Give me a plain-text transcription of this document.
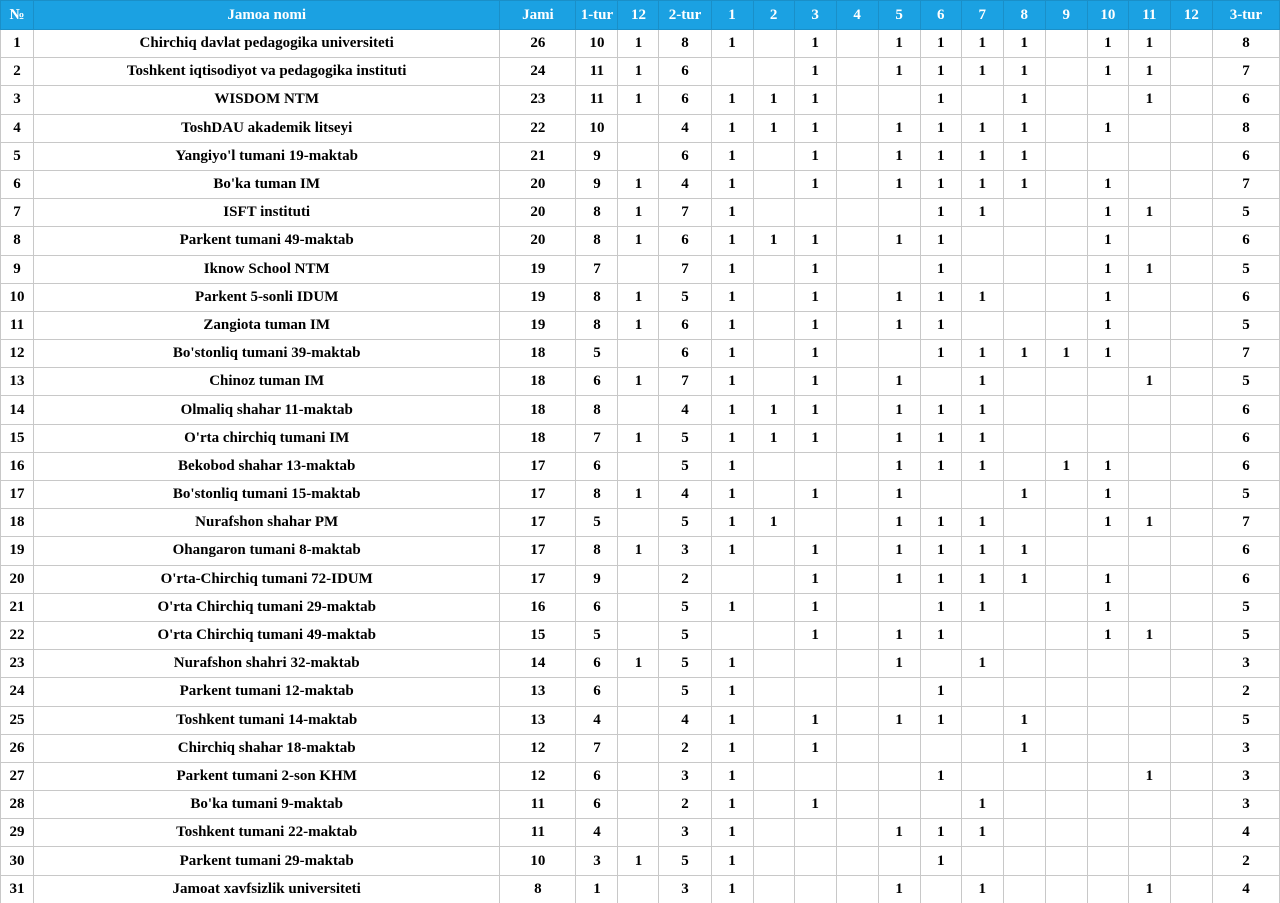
№	Jamoa nomi	Jami	1-tur	12	2-tur	1	2	3	4	5	6	7	8	9	10	11	12	3-tur
1	Chirchiq davlat pedagogika universiteti	26	10	1	8	1		1		1	1	1	1		1	1		8
2	Toshkent iqtisodiyot va pedagogika instituti	24	11	1	6			1		1	1	1	1		1	1		7
3	WISDOM NTM	23	11	1	6	1	1	1			1		1			1		6
4	ToshDAU akademik litseyi	22	10		4	1	1	1		1	1	1	1		1			8
5	Yangiyo'l tumani 19-maktab	21	9		6	1		1		1	1	1	1					6
6	Bo'ka tuman IM	20	9	1	4	1		1		1	1	1	1		1			7
7	ISFT instituti	20	8	1	7	1					1	1			1	1		5
8	Parkent tumani 49-maktab	20	8	1	6	1	1	1		1	1				1			6
9	Iknow School NTM	19	7		7	1		1			1				1	1		5
10	Parkent 5-sonli IDUM	19	8	1	5	1		1		1	1	1			1			6
11	Zangiota tuman IM	19	8	1	6	1		1		1	1				1			5
12	Bo'stonliq tumani 39-maktab	18	5		6	1		1			1	1	1	1	1			7
13	Chinoz tuman IM	18	6	1	7	1		1		1		1				1		5
14	Olmaliq shahar 11-maktab	18	8		4	1	1	1		1	1	1						6
15	O'rta chirchiq tumani IM	18	7	1	5	1	1	1		1	1	1						6
16	Bekobod shahar 13-maktab	17	6		5	1				1	1	1		1	1			6
17	Bo'stonliq tumani 15-maktab	17	8	1	4	1		1		1			1		1			5
18	Nurafshon shahar PM	17	5		5	1	1			1	1	1			1	1		7
19	Ohangaron tumani 8-maktab	17	8	1	3	1		1		1	1	1	1					6
20	O'rta-Chirchiq tumani 72-IDUM	17	9		2			1		1	1	1	1		1			6
21	O'rta Chirchiq tumani 29-maktab	16	6		5	1		1			1	1			1			5
22	O'rta Chirchiq tumani 49-maktab	15	5		5			1		1	1				1	1		5
23	Nurafshon shahri 32-maktab	14	6	1	5	1				1		1						3
24	Parkent tumani 12-maktab	13	6		5	1					1							2
25	Toshkent tumani 14-maktab	13	4		4	1		1		1	1		1					5
26	Chirchiq shahar 18-maktab	12	7		2	1		1					1					3
27	Parkent tumani 2-son KHM	12	6		3	1					1					1		3
28	Bo'ka tumani 9-maktab	11	6		2	1		1				1						3
29	Toshkent tumani 22-maktab	11	4		3	1				1	1	1						4
30	Parkent tumani 29-maktab	10	3	1	5	1					1							2
31	Jamoat xavfsizlik universiteti	8	1		3	1				1		1				1		4
